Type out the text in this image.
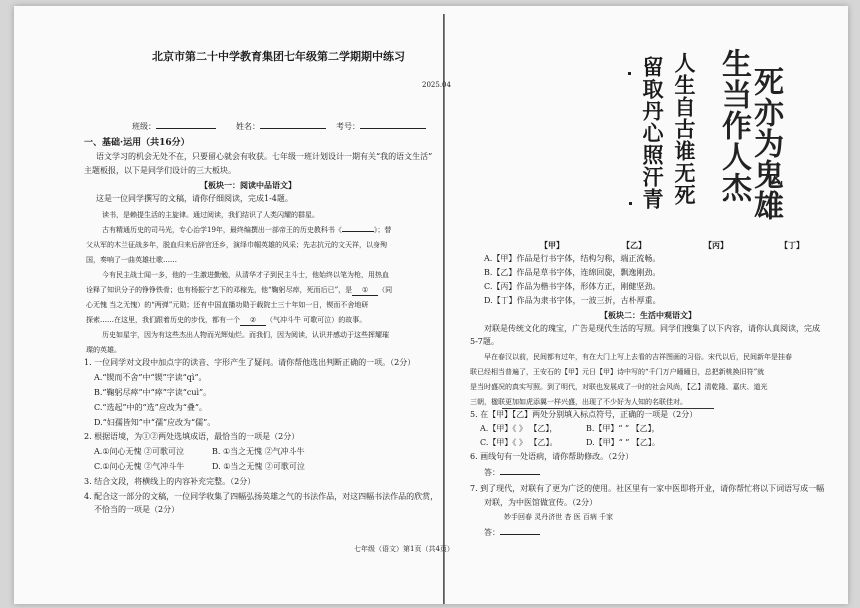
北京市第二十中学教育集团七年级第二学期期中练习
2025.04
班级：	姓名：	考号：
一、基础·运用（共16分）
语文学习的机会无处不在，只要留心就会有收获。七年级一班计划设计一期有关“我的语文生活”
主题板报，以下是同学们设计的三大板块。
【板块一：阅读中品语文】
这是一位同学撰写的文稿，请你仔细阅读，完成1-4题。
读书，是赖提生活的主旋律。通过阅读，我们结识了人类闪耀的群星。
古有精通历史的司马光，专心治学19年，最终编撰出一部帝王的历史教科书《	》；替
父从军的木兰征战多年，脱血归来后辞官还乡，演绎巾帼英雄的风采；先志抗元的文天祥，以身殉
国，奏响了一曲英雄壮歌……
今有民主战士闻一多，他的一生激进勤勉，从清华才子到民主斗士，他始终以笔为枪，用热血
诠释了知识分子的铮铮铁骨；也有杨振宁艺下的邓稼先，他“鞠躬尽瘁，死而后已”，是 ① （同
心无愧 当之无愧）的“两弹”元勋；还有中国直播功勋于载院士三十年如一日，锲而不舍地研
探索……在这里，我们跟着历史的步伐，都有一个 ② （气冲斗牛 可歌可泣）的故事。
历史如星宇，因为有这些杰出人物而光辉灿烂。而我们，因为阅读，认识并感动于这些挥耀璀
璨的英雄。
1. 一位同学对文段中加点字的读音、字形产生了疑问。请你帮他选出判断正确的一项。（2分）
A.“锲而不舍”中“锲”字读“qì”。
B.“鞠躬尽瘁”中“瘁”字读“cuì”。
C.“选起”中的“选”应改为“叠”。
D.“妇孺皆知”中“孺”应改为“儒”。
2. 根据语境，为①②两处选填成语，最恰当的一项是（2分）
A.①问心无愧 ②可歌可泣	B. ①当之无愧 ②气冲斗牛
C.①问心无愧 ②气冲斗牛	D. ①当之无愧 ②可歌可泣
3. 结合文段，将横线上的内容补充完整。（2分）
4. 配合这一部分的文稿，一位同学收集了四幅弘扬英雄之气的书法作品，对这四幅书法作品的欣赏，
不恰当的一项是（2分）
七年级（语文）第1页（共4页）
留取丹心照汗青 人生自古谁无死 生当作人杰
死亦为鬼雄
【甲】	【乙】	【丙】	【丁】
A.【甲】作品是行书字体，结构匀称，端正流畅。
B.【乙】作品是草书字体，连绵回旋，飘逸刚劲。
C.【丙】作品为楷书字体，形体方正，刚健坚劲。
D.【丁】作品为隶书字体，一波三折，古朴厚重。
【板块二：生活中观语文】
对联是传统文化的瑰宝，广告是现代生活的写照。同学们搜集了以下内容，请你认真阅读，完成
5-7题。
早在春汉以前，民间都有过年，有在大门上写上去看的吉祥图画的习俗。宋代以后，民间新年是挂春
联已经相当普遍了，王安石的【甲】元日【甲】诗中写的“千门万户曈曈日，总把新桃换旧符”就
是当时盛况的真实写照。到了明代，对联也发展成了一时的社会风尚，【乙】清乾隆、嘉庆、道光
三朝，楹联更加如虎添翼一样兴盛，出现了不少好为人知的名联佳对。
5. 在【甲】【乙】两处分别填入标点符号，正确的一项是（2分）
A.【甲】《 》 【乙】，	B.【甲】“ ” 【乙】，
C.【甲】《 》 【乙】。	D.【甲】“ ” 【乙】。
6. 画线句有一处语病，请你帮助修改。（2分）
答：
7. 到了现代，对联有了更为广泛的使用。社区里有一家中医即将开业，请你帮忙将以下词语写成一幅
对联，为中医馆做宣传。（2分）
妙手回春 灵丹济世 杏 医 百病 千家
答：
